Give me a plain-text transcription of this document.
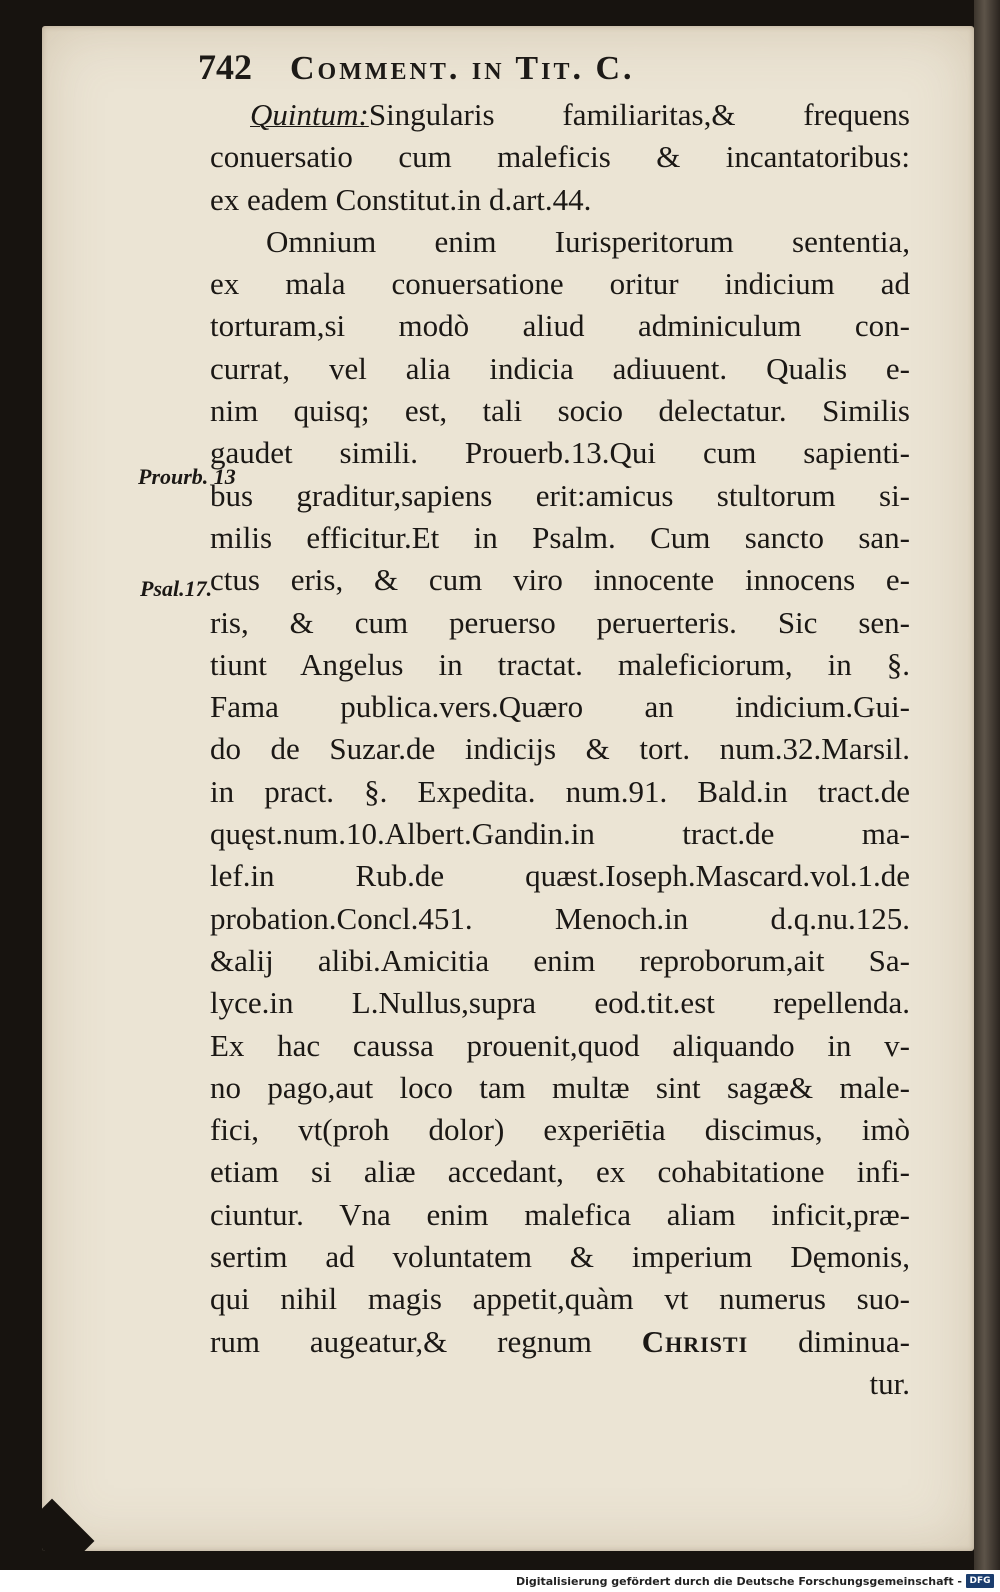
742 Comment. in Tit. C.
Prourb. 13
Psal.17.
Quintum:Singularis familiaritas,& frequens
conuersatio cum maleficis & incantatoribus:
ex eadem Constitut.in d.art.44.
Omnium enim Iurisperitorum sententia,
ex mala conuersatione oritur indicium ad
torturam,si modò aliud adminiculum con-
currat, vel alia indicia adiuuent. Qualis e-
nim quisq; est, tali socio delectatur. Similis
gaudet simili. Prouerb.13.Qui cum sapienti-
bus graditur,sapiens erit:amicus stultorum si-
milis efficitur.Et in Psalm. Cum sancto san-
ctus eris, & cum viro innocente innocens e-
ris, & cum peruerso peruerteris. Sic sen-
tiunt Angelus in tractat. maleficiorum, in §.
Fama publica.vers.Quæro an indicium.Gui-
do de Suzar.de indicijs & tort. num.32.Marsil.
in pract. §. Expedita. num.91. Bald.in tract.de
quęst.num.10.Albert.Gandin.in tract.de ma-
lef.in Rub.de quæst.Ioseph.Mascard.vol.1.de
probation.Concl.451. Menoch.in d.q.nu.125.
&alij alibi.Amicitia enim reproborum,ait Sa-
lyce.in L.Nullus,supra eod.tit.est repellenda.
Ex hac caussa prouenit,quod aliquando in v-
no pago,aut loco tam multæ sint sagæ& male-
fici, vt(proh dolor) experiētia discimus, imò
etiam si aliæ accedant, ex cohabitatione infi-
ciuntur. Vna enim malefica aliam inficit,præ-
sertim ad voluntatem & imperium Dęmonis,
qui nihil magis appetit,quàm vt numerus suo-
rum augeatur,& regnum Christi diminua-
tur.
Digitalisierung gefördert durch die Deutsche Forschungsgemeinschaft - DFG
